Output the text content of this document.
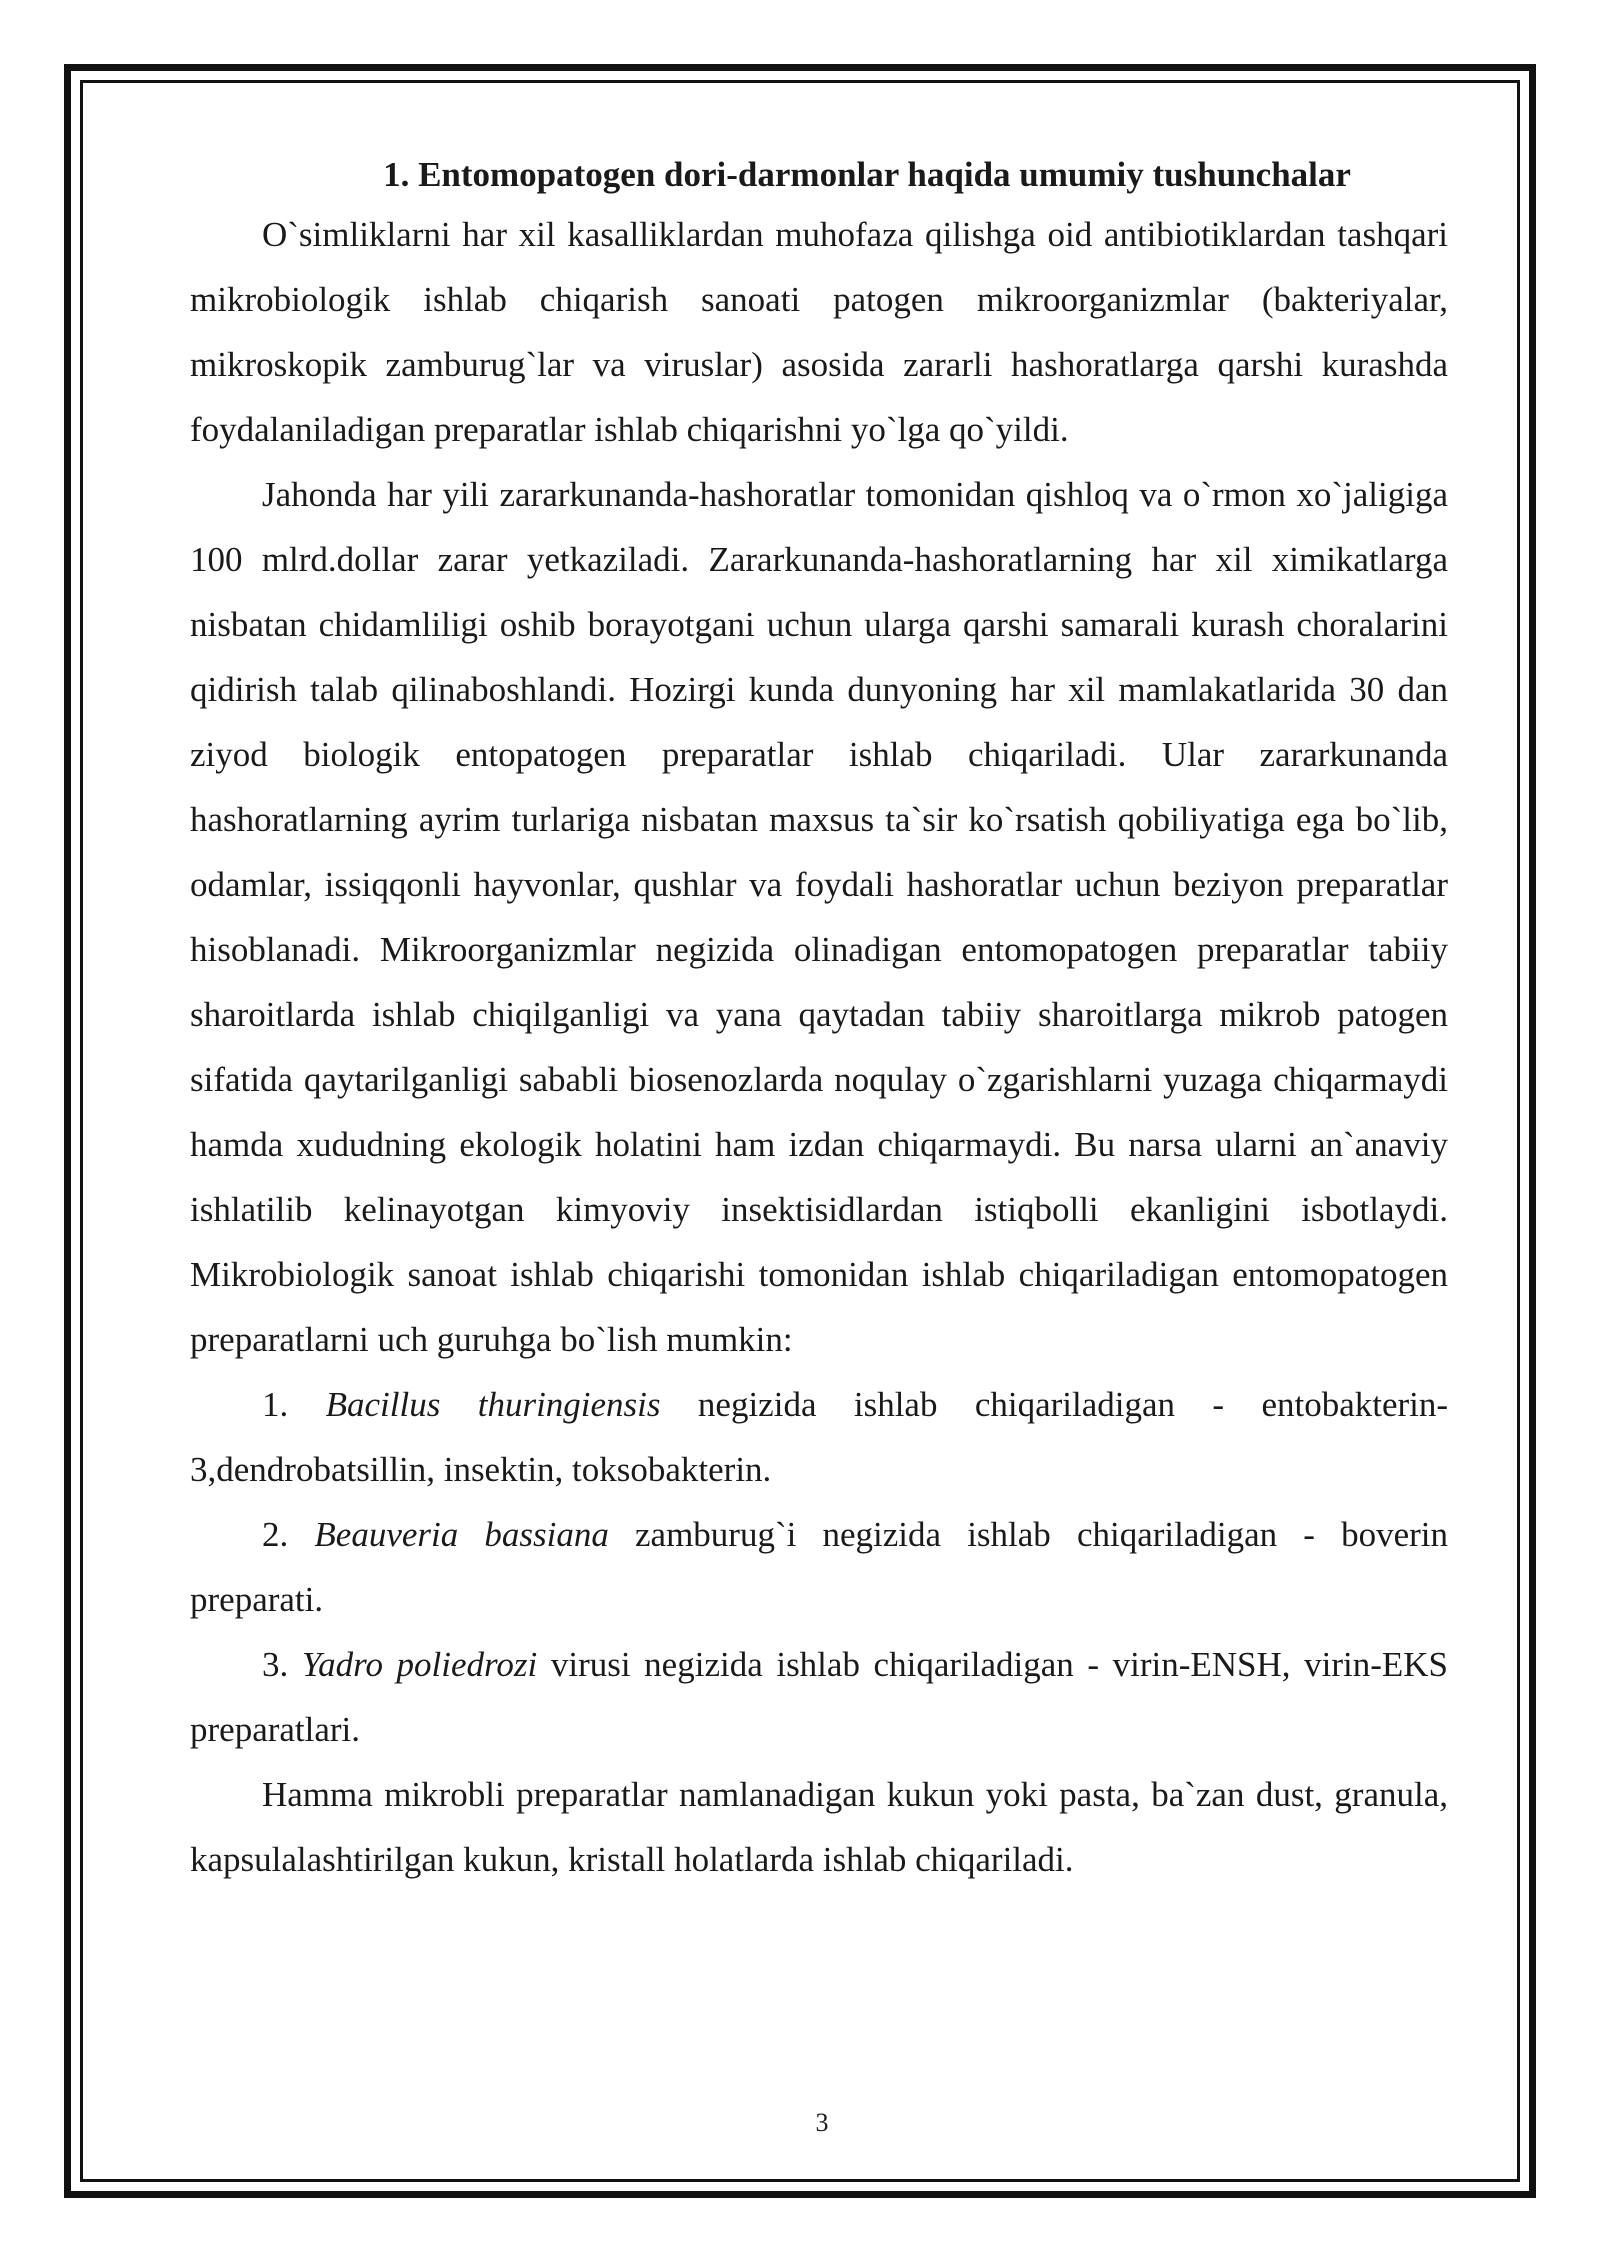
1. Entomopatogen dori-darmonlar haqida umumiy tushunchalar

O`simliklarni har xil kasalliklardan muhofaza qilishga oid antibiotiklardan tashqari mikrobiologik ishlab chiqarish sanoati patogen mikroorganizmlar (bakteriyalar, mikroskopik zamburug`lar va viruslar) asosida zararli hashoratlarga qarshi kurashda foydalaniladigan preparatlar ishlab chiqarishni yo`lga qo`yildi.

Jahonda har yili zararkunanda-hashoratlar tomonidan qishloq va o`rmon xo`jaligiga 100 mlrd.dollar zarar yetkaziladi. Zararkunanda-hashoratlarning har xil ximikatlarga nisbatan chidamliligi oshib borayotgani uchun ularga qarshi samarali kurash choralarini qidirish talab qilinaboshlandi. Hozirgi kunda dunyoning har xil mamlakatlarida 30 dan ziyod biologik entopatogen preparatlar ishlab chiqariladi. Ular zararkunanda hashoratlarning ayrim turlariga nisbatan maxsus ta`sir ko`rsatish qobiliyatiga ega bo`lib, odamlar, issiqqonli hayvonlar, qushlar va foydali hashoratlar uchun beziyon preparatlar hisoblanadi. Mikroorganizmlar negizida olinadigan entomopatogen preparatlar tabiiy sharoitlarda ishlab chiqilganligi va yana qaytadan tabiiy sharoitlarga mikrob patogen sifatida qaytarilganligi sababli biosenozlarda noqulay o`zgarishlarni yuzaga chiqarmaydi hamda xududning ekologik holatini ham izdan chiqarmaydi. Bu narsa ularni an`anaviy ishlatilib kelinayotgan kimyoviy insektisidlardan istiqbolli ekanligini isbotlaydi. Mikrobiologik sanoat ishlab chiqarishi tomonidan ishlab chiqariladigan entomopatogen preparatlarni uch guruhga bo`lish mumkin:

1. Bacillus thuringiensis negizida ishlab chiqariladigan - entobakterin-3,dendrobatsillin, insektin, toksobakterin.

2. Beauveria bassiana zamburug`i negizida ishlab chiqariladigan - boverin preparati.

3. Yadro poliedrozi virusi negizida ishlab chiqariladigan - virin-ENSH, virin-EKS preparatlari.

Hamma mikrobli preparatlar namlanadigan kukun yoki pasta, ba`zan dust, granula, kapsulalashtirilgan kukun, kristall holatlarda ishlab chiqariladi.

3
